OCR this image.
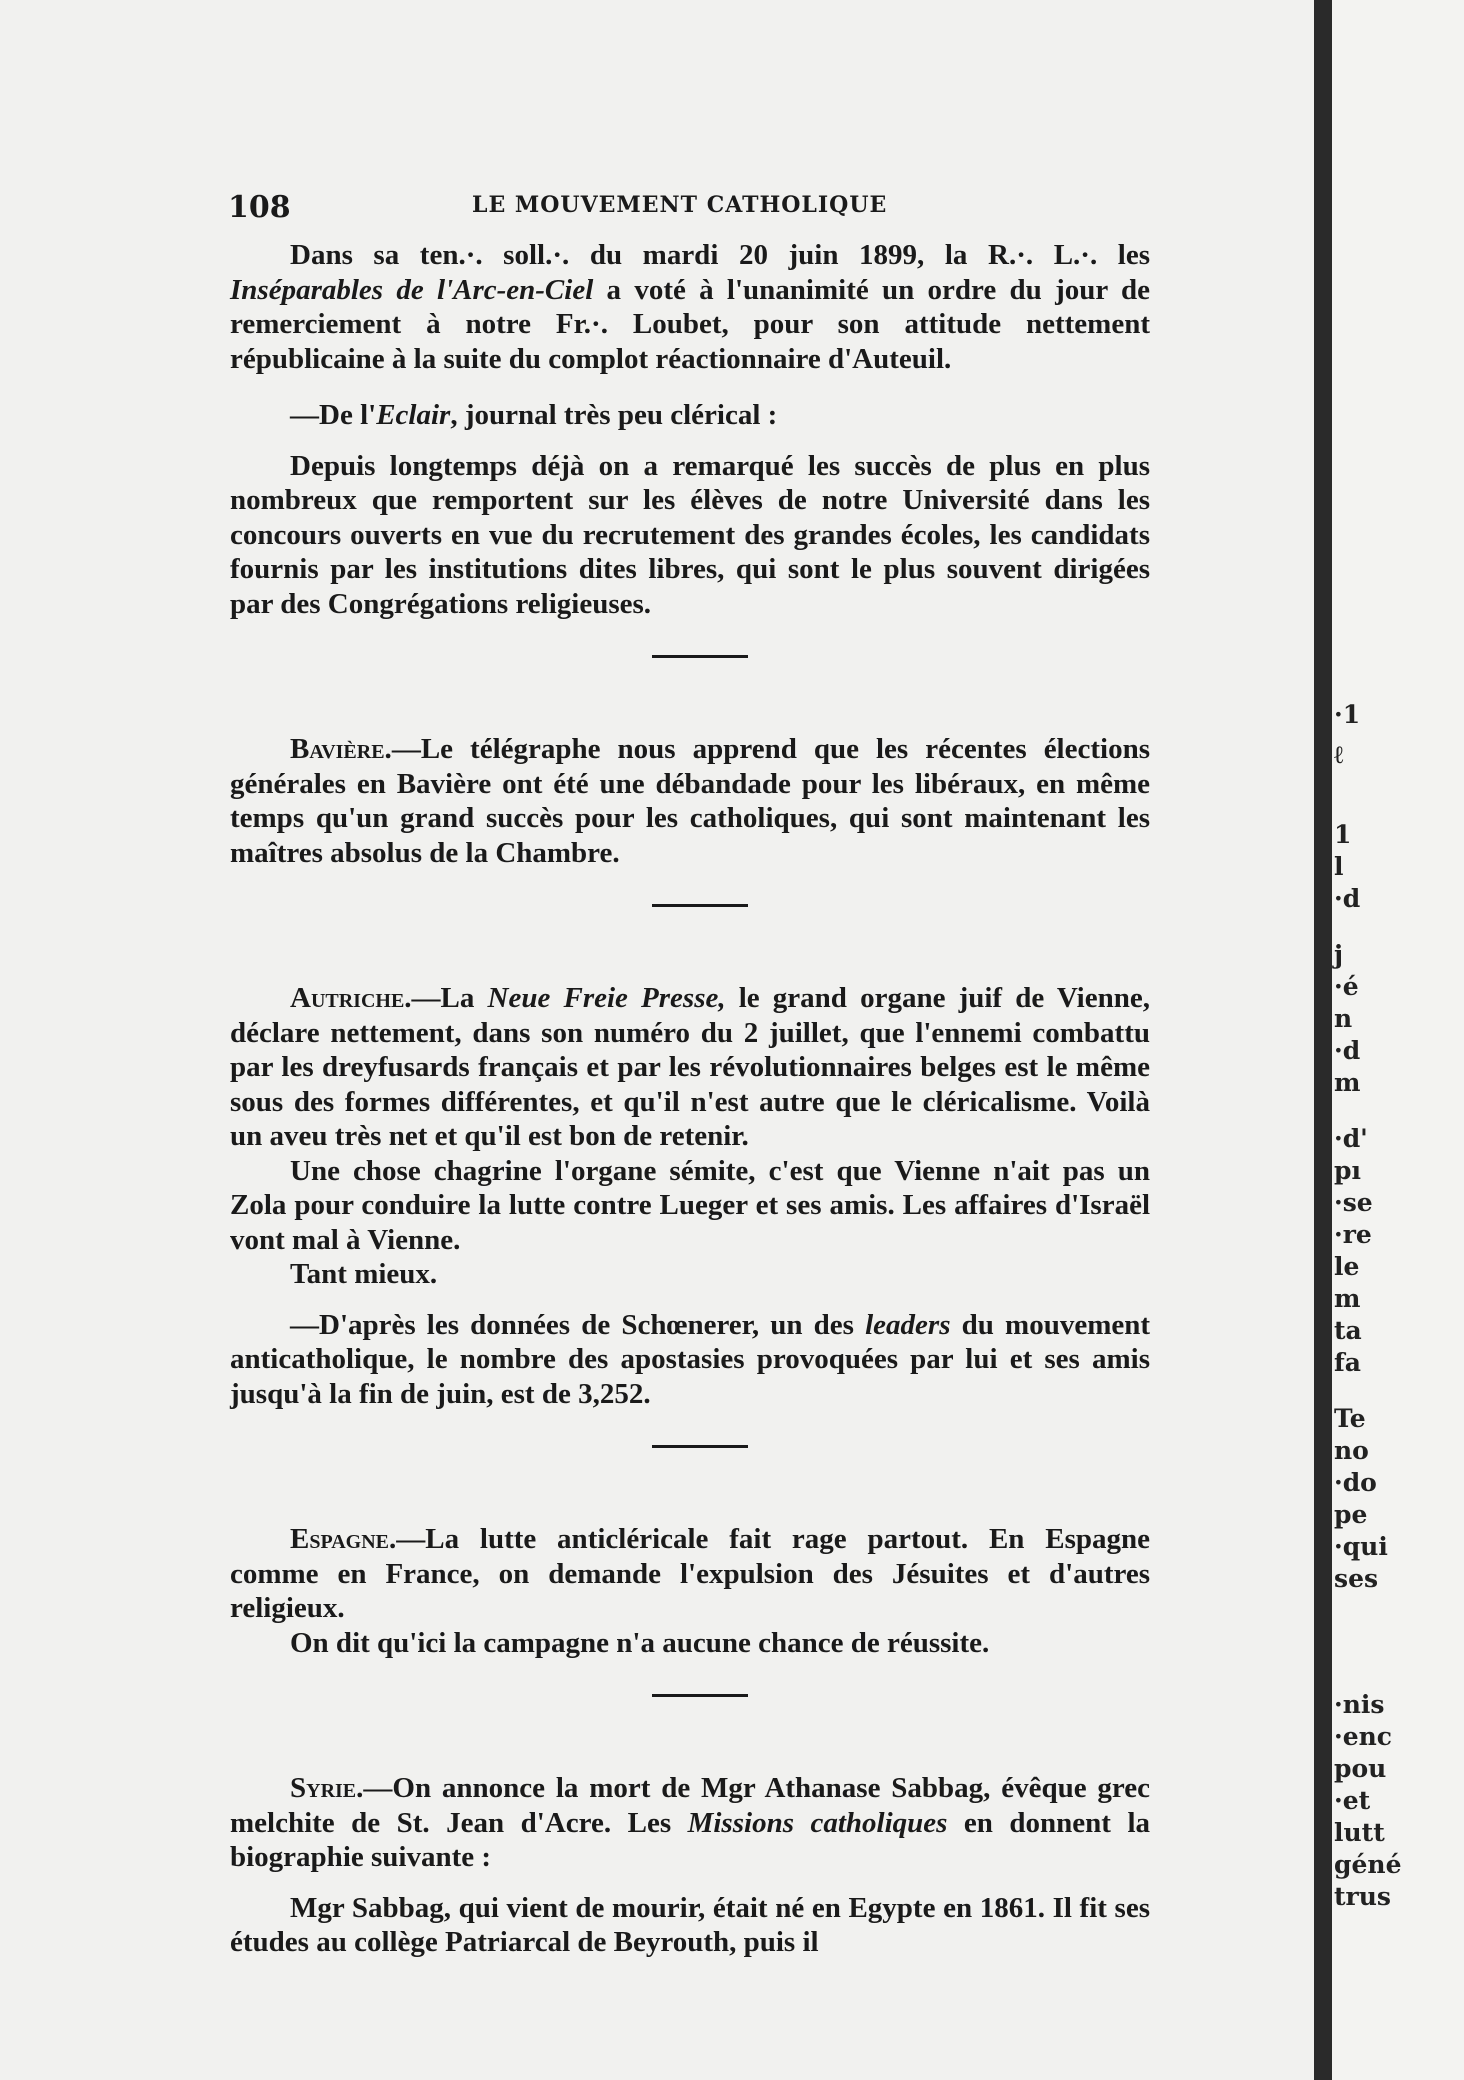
108	LE MOUVEMENT CATHOLIQUE

Dans sa ten.·. soll.·. du mardi 20 juin 1899, la R.·. L.·. les Inséparables de l'Arc-en-Ciel a voté à l'unanimité un ordre du jour de remerciement à notre Fr.·. Loubet, pour son attitude nettement républicaine à la suite du complot réactionnaire d'Auteuil.

—De l'Eclair, journal très peu clérical :

Depuis longtemps déjà on a remarqué les succès de plus en plus nombreux que remportent sur les élèves de notre Université dans les concours ouverts en vue du recrutement des grandes écoles, les candidats fournis par les institutions dites libres, qui sont le plus souvent dirigées par des Congrégations religieuses.

Bavière.—Le télégraphe nous apprend que les récentes élections générales en Bavière ont été une débandade pour les libéraux, en même temps qu'un grand succès pour les catholiques, qui sont maintenant les maîtres absolus de la Chambre.

Autriche.—La Neue Freie Presse, le grand organe juif de Vienne, déclare nettement, dans son numéro du 2 juillet, que l'ennemi combattu par les dreyfusards français et par les révolutionnaires belges est le même sous des formes différentes, et qu'il n'est autre que le cléricalisme. Voilà un aveu très net et qu'il est bon de retenir.

Une chose chagrine l'organe sémite, c'est que Vienne n'ait pas un Zola pour conduire la lutte contre Lueger et ses amis. Les affaires d'Israël vont mal à Vienne.

Tant mieux.

—D'après les données de Schœnerer, un des leaders du mouvement anticatholique, le nombre des apostasies provoquées par lui et ses amis jusqu'à la fin de juin, est de 3,252.

Espagne.—La lutte anticléricale fait rage partout. En Espagne comme en France, on demande l'expulsion des Jésuites et d'autres religieux.

On dit qu'ici la campagne n'a aucune chance de réussite.

Syrie.—On annonce la mort de Mgr Athanase Sabbag, évêque grec melchite de St. Jean d'Acre. Les Missions catholiques en donnent la biographie suivante :

Mgr Sabbag, qui vient de mourir, était né en Egypte en 1861. Il fit ses études au collège Patriarcal de Beyrouth, puis il

·1
ℓ
1
l
·d
j
·é
n
·d
m
·d'
pı
·se
·re
le
m
ta
fa
Te
no
·do
pe
·qui
ses
·nis
·enc
pou
·et
lutt
géné
trus
